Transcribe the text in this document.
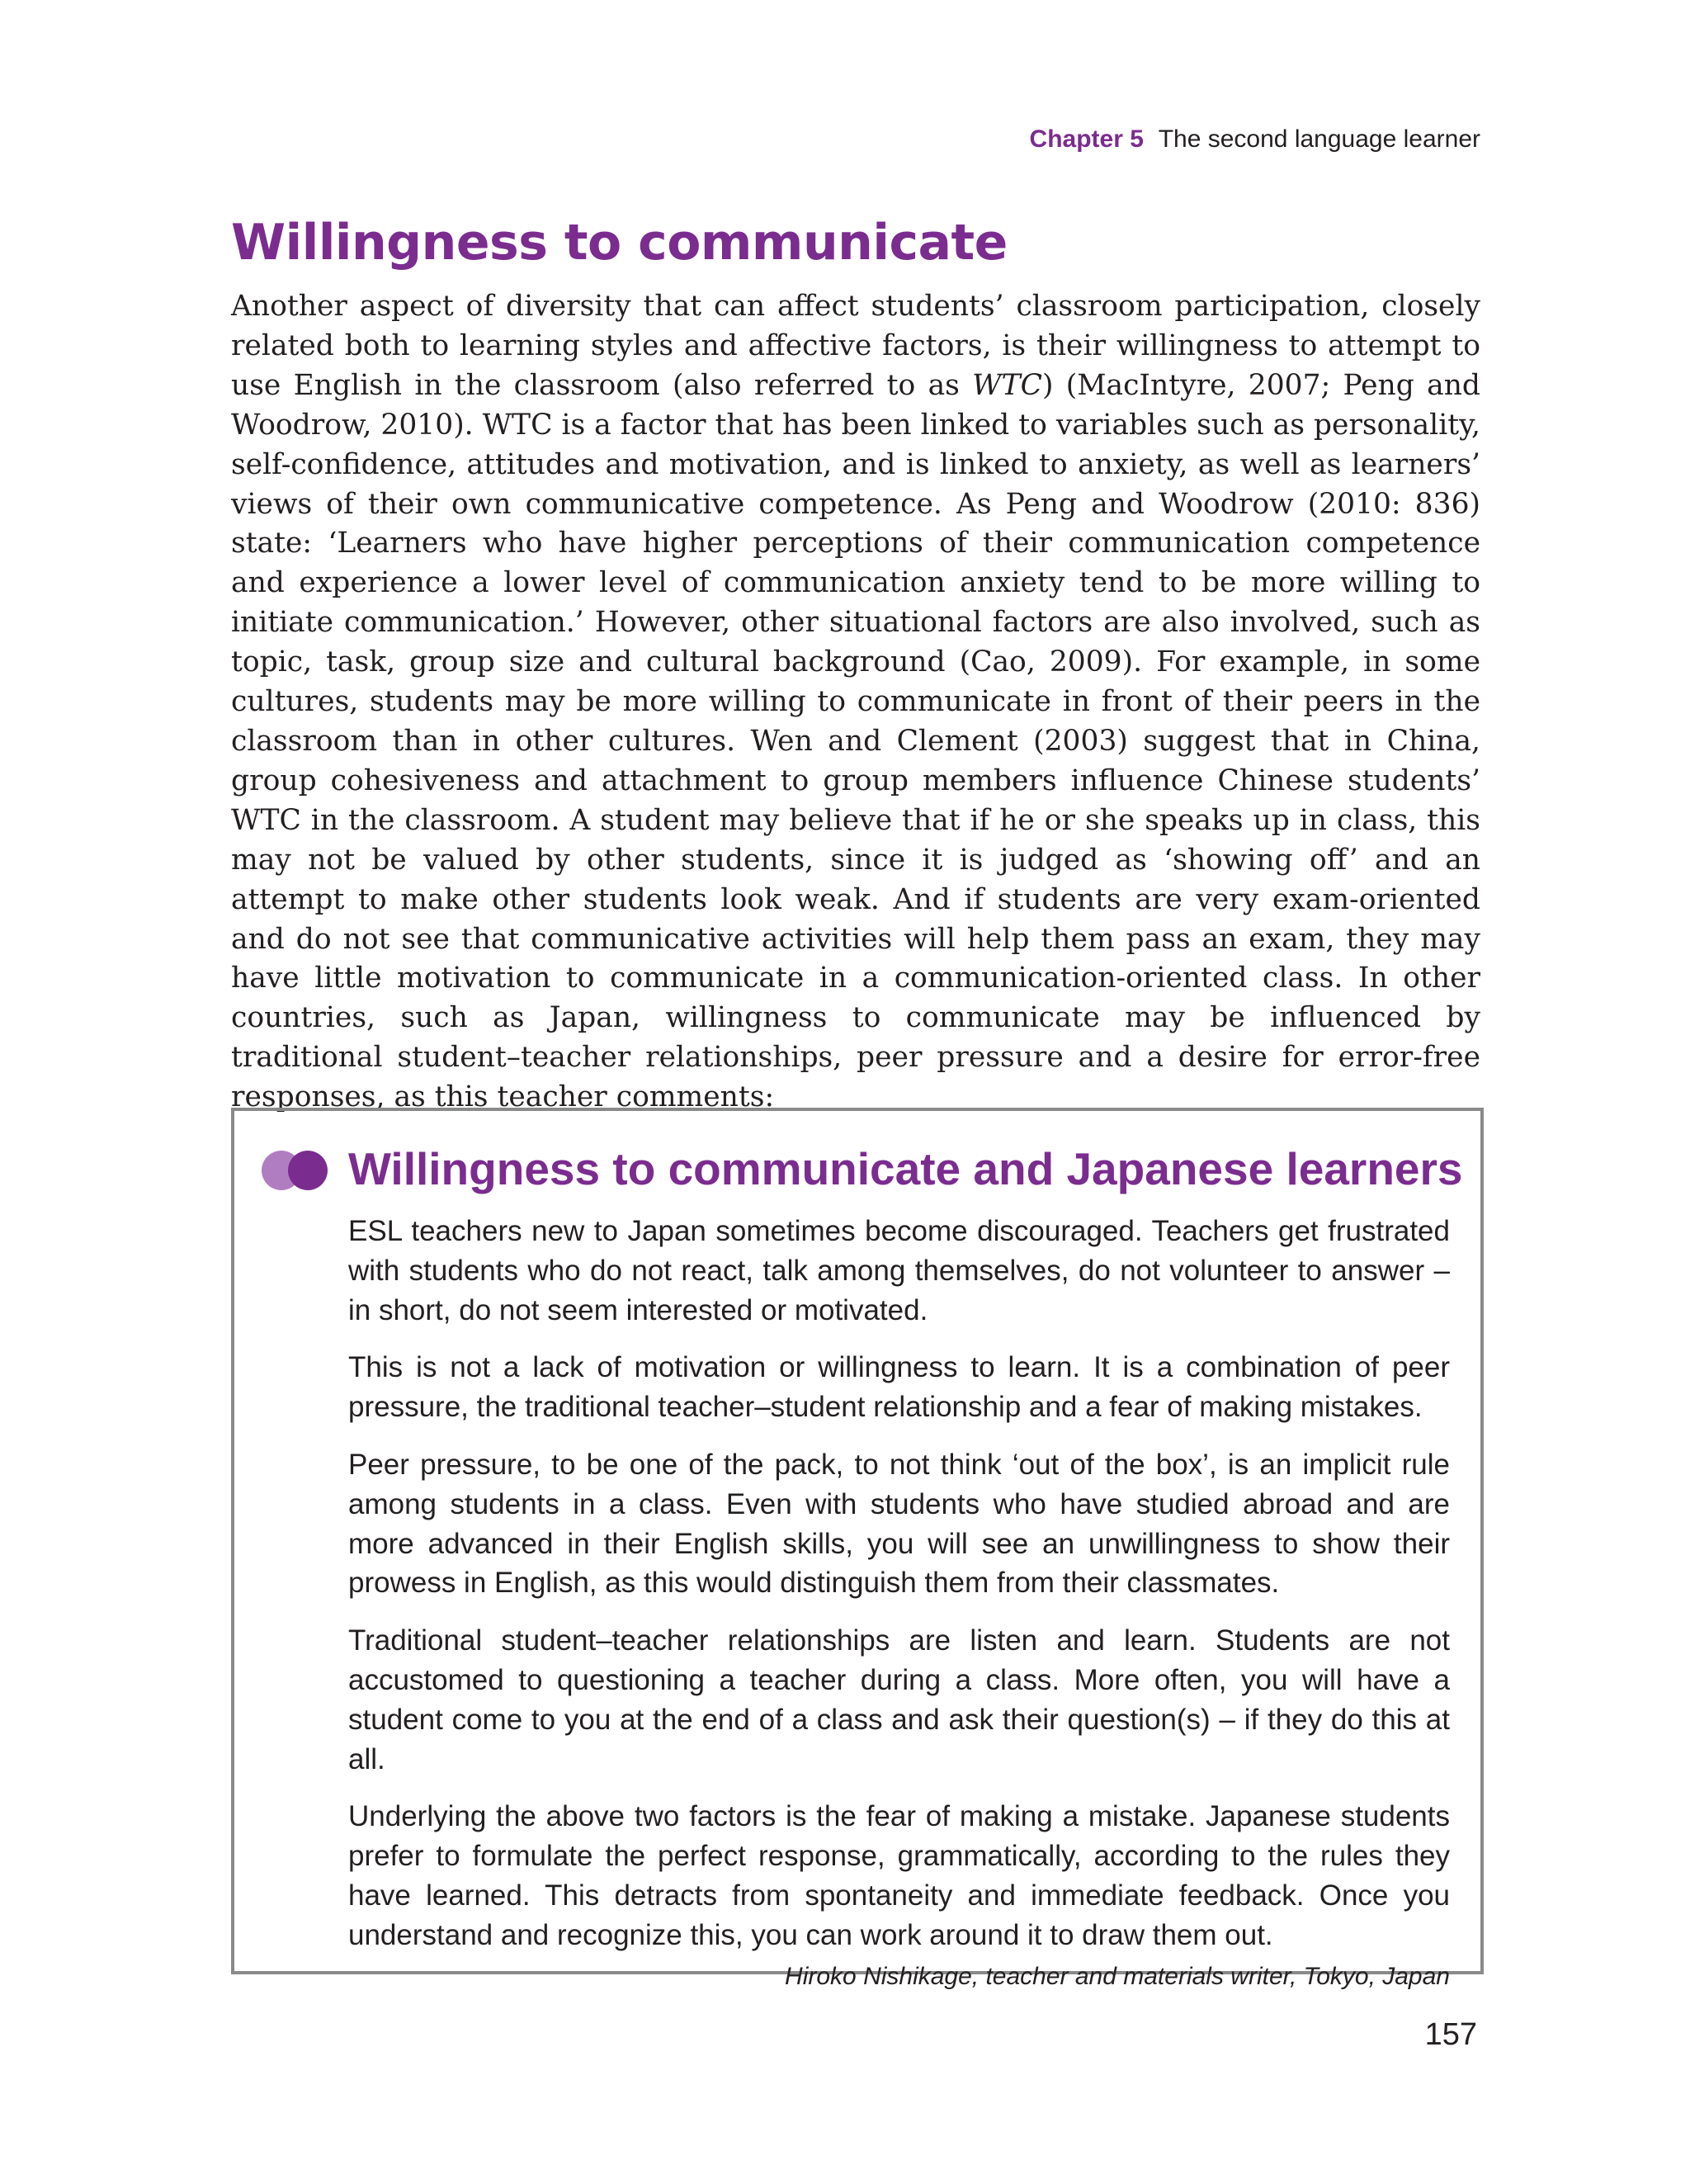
Chapter 5 The second language learner
Willingness to communicate

Another aspect of diversity that can affect students’ classroom participation, closely related both to learning styles and affective factors, is their willingness to attempt to use English in the classroom (also referred to as WTC) (MacIntyre, 2007; Peng and Woodrow, 2010). WTC is a factor that has been linked to variables such as personality, self-confidence, attitudes and motivation, and is linked to anxiety, as well as learners’ views of their own communicative competence. As Peng and Woodrow (2010: 836) state: ‘Learners who have higher perceptions of their communication competence and experience a lower level of communication anxiety tend to be more willing to initiate communication.’ However, other situational factors are also involved, such as topic, task, group size and cultural background (Cao, 2009). For example, in some cultures, students may be more willing to communicate in front of their peers in the classroom than in other cultures. Wen and Clement (2003) suggest that in China, group cohesiveness and attachment to group members influence Chinese students’ WTC in the classroom. A student may believe that if he or she speaks up in class, this may not be valued by other students, since it is judged as ‘showing off’ and an attempt to make other students look weak. And if students are very exam-oriented and do not see that communicative activities will help them pass an exam, they may have little motivation to communicate in a communication-oriented class. In other countries, such as Japan, willingness to communicate may be influenced by traditional student–teacher relationships, peer pressure and a desire for error-free responses, as this teacher comments:

Willingness to communicate and Japanese learners

ESL teachers new to Japan sometimes become discouraged. Teachers get frustrated with students who do not react, talk among themselves, do not volunteer to answer – in short, do not seem interested or motivated.

This is not a lack of motivation or willingness to learn. It is a combination of peer pressure, the traditional teacher–student relationship and a fear of making mistakes.

Peer pressure, to be one of the pack, to not think ‘out of the box’, is an implicit rule among students in a class. Even with students who have studied abroad and are more advanced in their English skills, you will see an unwillingness to show their prowess in English, as this would distinguish them from their classmates.

Traditional student–teacher relationships are listen and learn. Students are not accustomed to questioning a teacher during a class. More often, you will have a student come to you at the end of a class and ask their question(s) – if they do this at all.

Underlying the above two factors is the fear of making a mistake. Japanese students prefer to formulate the perfect response, grammatically, according to the rules they have learned. This detracts from spontaneity and immediate feedback. Once you understand and recognize this, you can work around it to draw them out.

Hiroko Nishikage, teacher and materials writer, Tokyo, Japan

157
